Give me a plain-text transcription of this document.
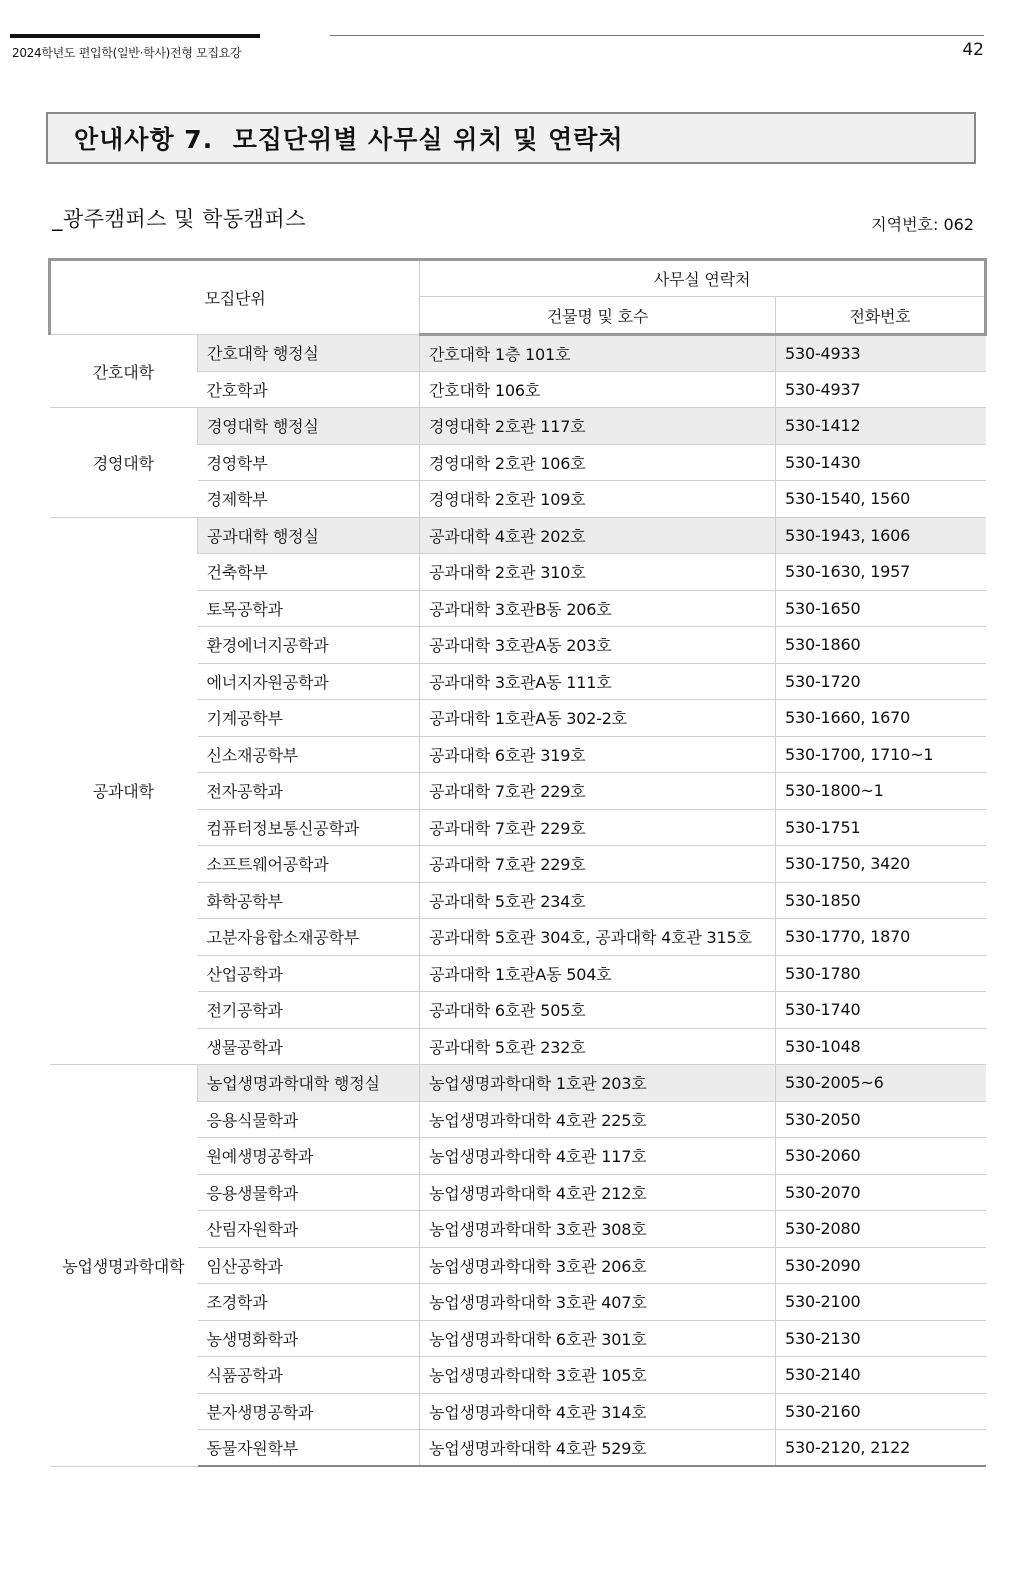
2024학년도 편입학(일반·학사)전형 모집요강	42
안내사항 7.  모집단위별 사무실 위치 및 연락처
_광주캠퍼스 및 학동캠퍼스	지역번호: 062
모집단위		사무실 연락처	
		건물명 및 호수	전화번호
간호대학	간호대학 행정실	간호대학 1층 101호	530-4933
	간호학과	간호대학 106호	530-4937
경영대학	경영대학 행정실	경영대학 2호관 117호	530-1412
	경영학부	경영대학 2호관 106호	530-1430
	경제학부	경영대학 2호관 109호	530-1540, 1560
공과대학	공과대학 행정실	공과대학 4호관 202호	530-1943, 1606
	건축학부	공과대학 2호관 310호	530-1630, 1957
	토목공학과	공과대학 3호관B동 206호	530-1650
	환경에너지공학과	공과대학 3호관A동 203호	530-1860
	에너지자원공학과	공과대학 3호관A동 111호	530-1720
	기계공학부	공과대학 1호관A동 302-2호	530-1660, 1670
	신소재공학부	공과대학 6호관 319호	530-1700, 1710~1
	전자공학과	공과대학 7호관 229호	530-1800~1
	컴퓨터정보통신공학과	공과대학 7호관 229호	530-1751
	소프트웨어공학과	공과대학 7호관 229호	530-1750, 3420
	화학공학부	공과대학 5호관 234호	530-1850
	고분자융합소재공학부	공과대학 5호관 304호, 공과대학 4호관 315호	530-1770, 1870
	산업공학과	공과대학 1호관A동 504호	530-1780
	전기공학과	공과대학 6호관 505호	530-1740
	생물공학과	공과대학 5호관 232호	530-1048
농업생명과학대학	농업생명과학대학 행정실	농업생명과학대학 1호관 203호	530-2005~6
	응용식물학과	농업생명과학대학 4호관 225호	530-2050
	원예생명공학과	농업생명과학대학 4호관 117호	530-2060
	응용생물학과	농업생명과학대학 4호관 212호	530-2070
	산림자원학과	농업생명과학대학 3호관 308호	530-2080
	임산공학과	농업생명과학대학 3호관 206호	530-2090
	조경학과	농업생명과학대학 3호관 407호	530-2100
	농생명화학과	농업생명과학대학 6호관 301호	530-2130
	식품공학과	농업생명과학대학 3호관 105호	530-2140
	분자생명공학과	농업생명과학대학 4호관 314호	530-2160
	동물자원학부	농업생명과학대학 4호관 529호	530-2120, 2122
